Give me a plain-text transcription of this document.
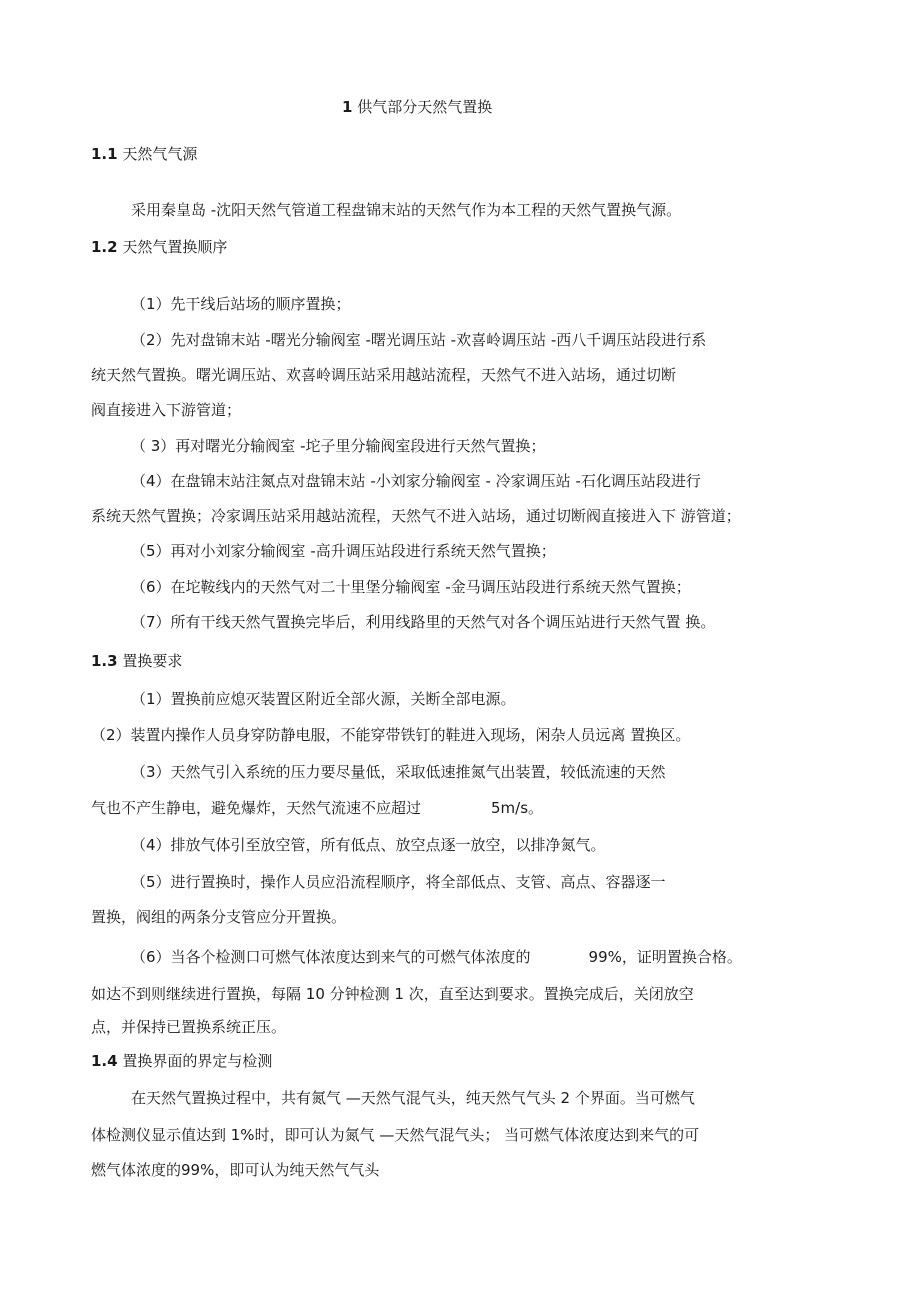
1 供气部分天然气置换
1.1 天然气气源
采用秦皇岛 -沈阳天然气管道工程盘锦末站的天然气作为本工程的天然气置换气源。
1.2 天然气置换顺序
（1）先干线后站场的顺序置换；
（2）先对盘锦末站 -曙光分输阀室 -曙光调压站 -欢喜岭调压站 -西八千调压站段进行系
统天然气置换。曙光调压站、欢喜岭调压站采用越站流程，天然气不进入站场，通过切断
阀直接进入下游管道；
（ 3）再对曙光分输阀室 -坨子里分输阀室段进行天然气置换；
（4）在盘锦末站注氮点对盘锦末站 -小刘家分输阀室 - 冷家调压站 -石化调压站段进行
系统天然气置换；冷家调压站采用越站流程，天然气不进入站场，通过切断阀直接进入下 游管道；
（5）再对小刘家分输阀室 -高升调压站段进行系统天然气置换；
（6）在坨鞍线内的天然气对二十里堡分输阀室 -金马调压站段进行系统天然气置换；
（7）所有干线天然气置换完毕后，利用线路里的天然气对各个调压站进行天然气置 换。
1.3 置换要求
（1）置换前应熄灭装置区附近全部火源，关断全部电源。
（2）装置内操作人员身穿防静电服，不能穿带铁钉的鞋进入现场，闲杂人员远离 置换区。
（3）天然气引入系统的压力要尽量低，采取低速推氮气出装置，较低流速的天然
气也不产生静电，避免爆炸，天然气流速不应超过	5m/s。
（4）排放气体引至放空管，所有低点、放空点逐一放空，以排净氮气。
（5）进行置换时，操作人员应沿流程顺序，将全部低点、支管、高点、容器逐一
置换，阀组的两条分支管应分开置换。
（6）当各个检测口可燃气体浓度达到来气的可燃气体浓度的	99%，证明置换合格。
如达不到则继续进行置换，每隔 10 分钟检测 1 次，直至达到要求。置换完成后，关闭放空
点，并保持已置换系统正压。
1.4 置换界面的界定与检测
在天然气置换过程中，共有氮气 —天然气混气头，纯天然气气头 2 个界面。当可燃气
体检测仪显示值达到 1%时，即可认为氮气 —天然气混气头； 当可燃气体浓度达到来气的可
燃气体浓度的99%，即可认为纯天然气气头
